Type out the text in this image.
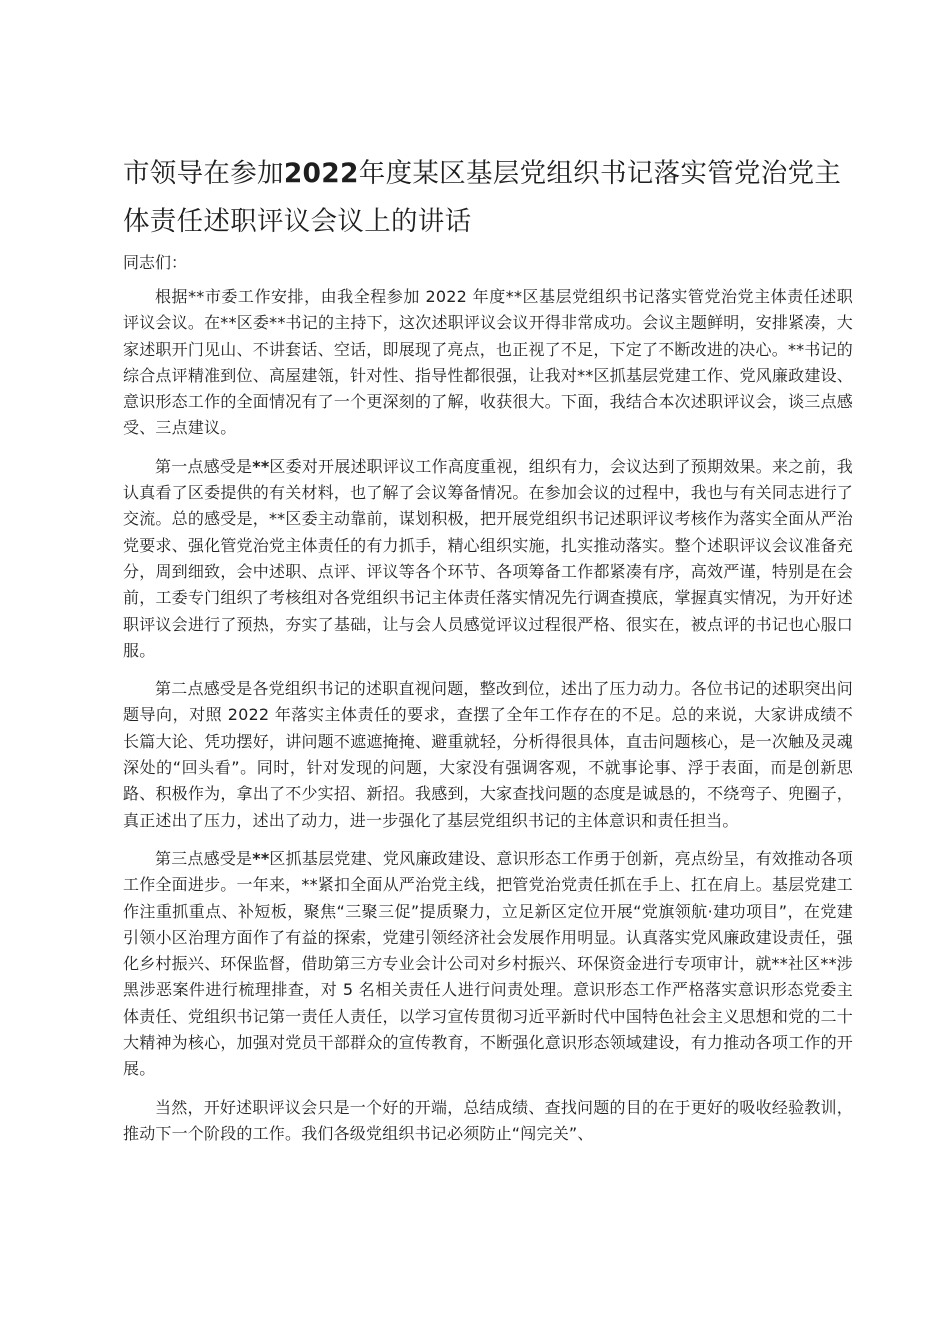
市领导在参加2022年度某区基层党组织书记落实管党治党主体责任述职评议会议上的讲话

同志们：

根据**市委工作安排，由我全程参加 2022 年度**区基层党组织书记落实管党治党主体责任述职评议会议。在**区委**书记的主持下，这次述职评议会议开得非常成功。会议主题鲜明，安排紧凑，大家述职开门见山、不讲套话、空话，即展现了亮点，也正视了不足，下定了不断改进的决心。**书记的综合点评精准到位、高屋建瓴，针对性、指导性都很强，让我对**区抓基层党建工作、党风廉政建设、意识形态工作的全面情况有了一个更深刻的了解，收获很大。下面，我结合本次述职评议会，谈三点感受、三点建议。

第一点感受是**区委对开展述职评议工作高度重视，组织有力，会议达到了预期效果。来之前，我认真看了区委提供的有关材料，也了解了会议筹备情况。在参加会议的过程中，我也与有关同志进行了交流。总的感受是，**区委主动靠前，谋划积极，把开展党组织书记述职评议考核作为落实全面从严治党要求、强化管党治党主体责任的有力抓手，精心组织实施，扎实推动落实。整个述职评议会议准备充分，周到细致，会中述职、点评、评议等各个环节、各项筹备工作都紧凑有序，高效严谨，特别是在会前，工委专门组织了考核组对各党组织书记主体责任落实情况先行调查摸底，掌握真实情况，为开好述职评议会进行了预热，夯实了基础，让与会人员感觉评议过程很严格、很实在，被点评的书记也心服口服。

第二点感受是各党组织书记的述职直视问题，整改到位，述出了压力动力。各位书记的述职突出问题导向，对照 2022 年落实主体责任的要求，查摆了全年工作存在的不足。总的来说，大家讲成绩不长篇大论、凭功摆好，讲问题不遮遮掩掩、避重就轻，分析得很具体，直击问题核心，是一次触及灵魂深处的“回头看”。同时，针对发现的问题，大家没有强调客观，不就事论事、浮于表面，而是创新思路、积极作为，拿出了不少实招、新招。我感到，大家查找问题的态度是诚恳的，不绕弯子、兜圈子，真正述出了压力，述出了动力，进一步强化了基层党组织书记的主体意识和责任担当。

第三点感受是**区抓基层党建、党风廉政建设、意识形态工作勇于创新，亮点纷呈，有效推动各项工作全面进步。一年来，**紧扣全面从严治党主线，把管党治党责任抓在手上、扛在肩上。基层党建工作注重抓重点、补短板，聚焦“三聚三促”提质聚力，立足新区定位开展“党旗领航·建功项目”，在党建引领小区治理方面作了有益的探索，党建引领经济社会发展作用明显。认真落实党风廉政建设责任，强化乡村振兴、环保监督，借助第三方专业会计公司对乡村振兴、环保资金进行专项审计，就**社区**涉黑涉恶案件进行梳理排查，对 5 名相关责任人进行问责处理。意识形态工作严格落实意识形态党委主体责任、党组织书记第一责任人责任，以学习宣传贯彻习近平新时代中国特色社会主义思想和党的二十大精神为核心，加强对党员干部群众的宣传教育，不断强化意识形态领域建设，有力推动各项工作的开展。

当然，开好述职评议会只是一个好的开端，总结成绩、查找问题的目的在于更好的吸收经验教训，推动下一个阶段的工作。我们各级党组织书记必须防止“闯完关”、
